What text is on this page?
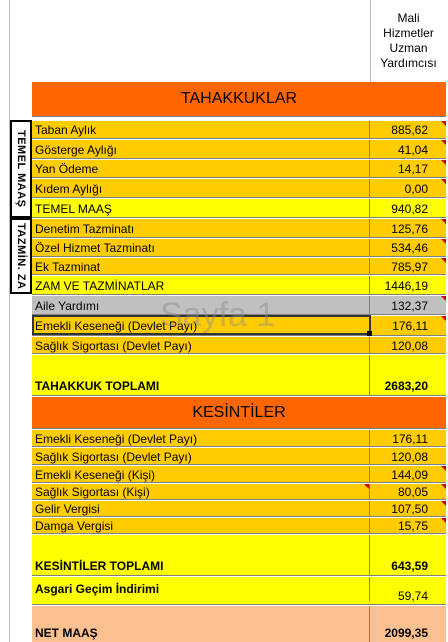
Mali Hizmetler Uzman Yardımcısı
TAHAKKUKLAR
TEMEL MAAŞ
TAZMİN. ZA
Taban Aylık	885,62
Gösterge Aylığı	41,04
Yan Ödeme	14,17
Kıdem Aylığı	0,00
TEMEL MAAŞ	940,82
Denetim Tazminatı	125,76
Özel Hizmet Tazminatı	534,46
Ek Tazminat	785,97
ZAM VE TAZMİNATLAR	1446,19
Aile Yardımı	132,37
Emekli Keseneği (Devlet Payı)	176,11
Sağlık Sigortası (Devlet Payı)	120,08
TAHAKKUK TOPLAMI	2683,20
KESİNTİLER
Emekli Keseneği (Devlet Payı)	176,11
Sağlık Sigortası (Devlet Payı)	120,08
Emekli Keseneği (Kişi)	144,09
Sağlık Sigortası (Kişi)	80,05
Gelir Vergisi	107,50
Damga Vergisi	15,75
KESİNTİLER TOPLAMI	643,59
Asgari Geçim İndirimi	59,74
NET MAAŞ	2099,35
Sayfa 1
